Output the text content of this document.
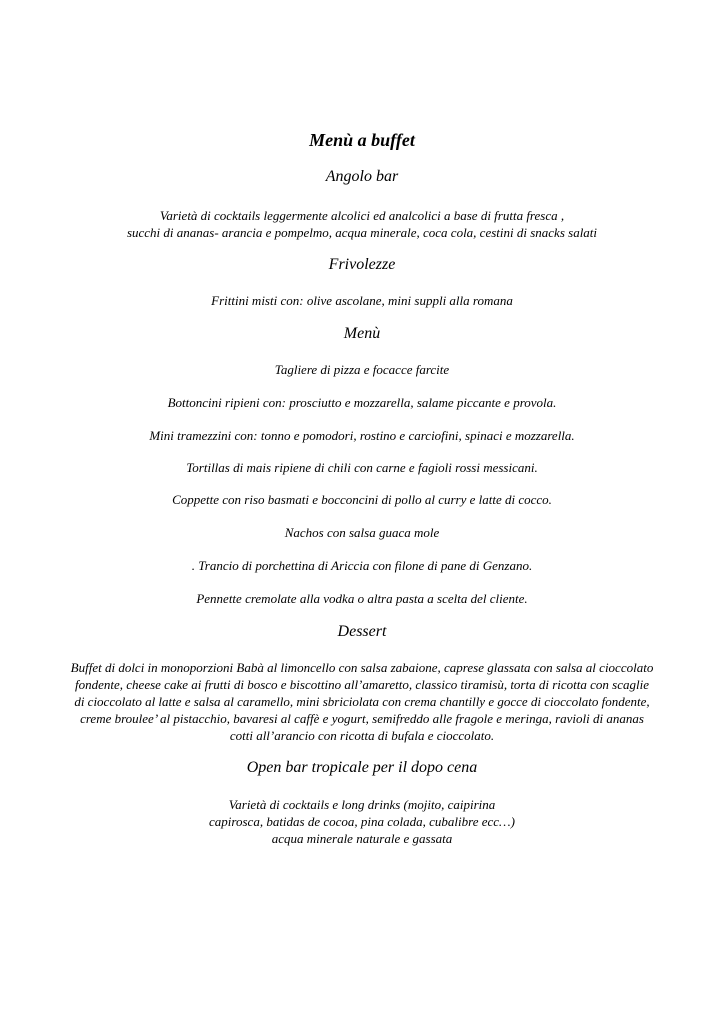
Menù a buffet

Angolo bar

Varietà di cocktails leggermente alcolici ed analcolici a base di frutta fresca ,
succhi di ananas- arancia e pompelmo, acqua minerale, coca cola, cestini di snacks salati

Frivolezze

Frittini misti con: olive ascolane, mini suppli alla romana

Menù

Tagliere di pizza e focacce farcite

Bottoncini ripieni con: prosciutto e mozzarella, salame piccante e provola.

Mini tramezzini con: tonno e pomodori, rostino e carciofini, spinaci e mozzarella.

Tortillas di mais ripiene di chili con carne e fagioli rossi messicani.

Coppette con riso basmati e bocconcini di pollo al curry e latte di cocco.

Nachos con salsa guaca mole

. Trancio di porchettina di Ariccia con filone di pane di Genzano.

Pennette cremolate alla vodka o altra pasta a scelta del cliente.

Dessert

Buffet di dolci in monoporzioni Babà al limoncello con salsa zabaione, caprese glassata con salsa al cioccolato
fondente, cheese cake ai frutti di bosco e biscottino all’amaretto, classico tiramisù, torta di ricotta con scaglie
di cioccolato al latte e salsa al caramello, mini sbriciolata con crema chantilly e gocce di cioccolato fondente,
creme broulee’ al pistacchio, bavaresi al caffè e yogurt, semifreddo alle fragole e meringa, ravioli di ananas
cotti all’arancio con ricotta di bufala e cioccolato.

Open bar tropicale per il dopo cena

Varietà di cocktails e long drinks (mojito, caipirina
capirosca, batidas de cocoa, pina colada, cubalibre ecc…)
acqua minerale naturale e gassata
